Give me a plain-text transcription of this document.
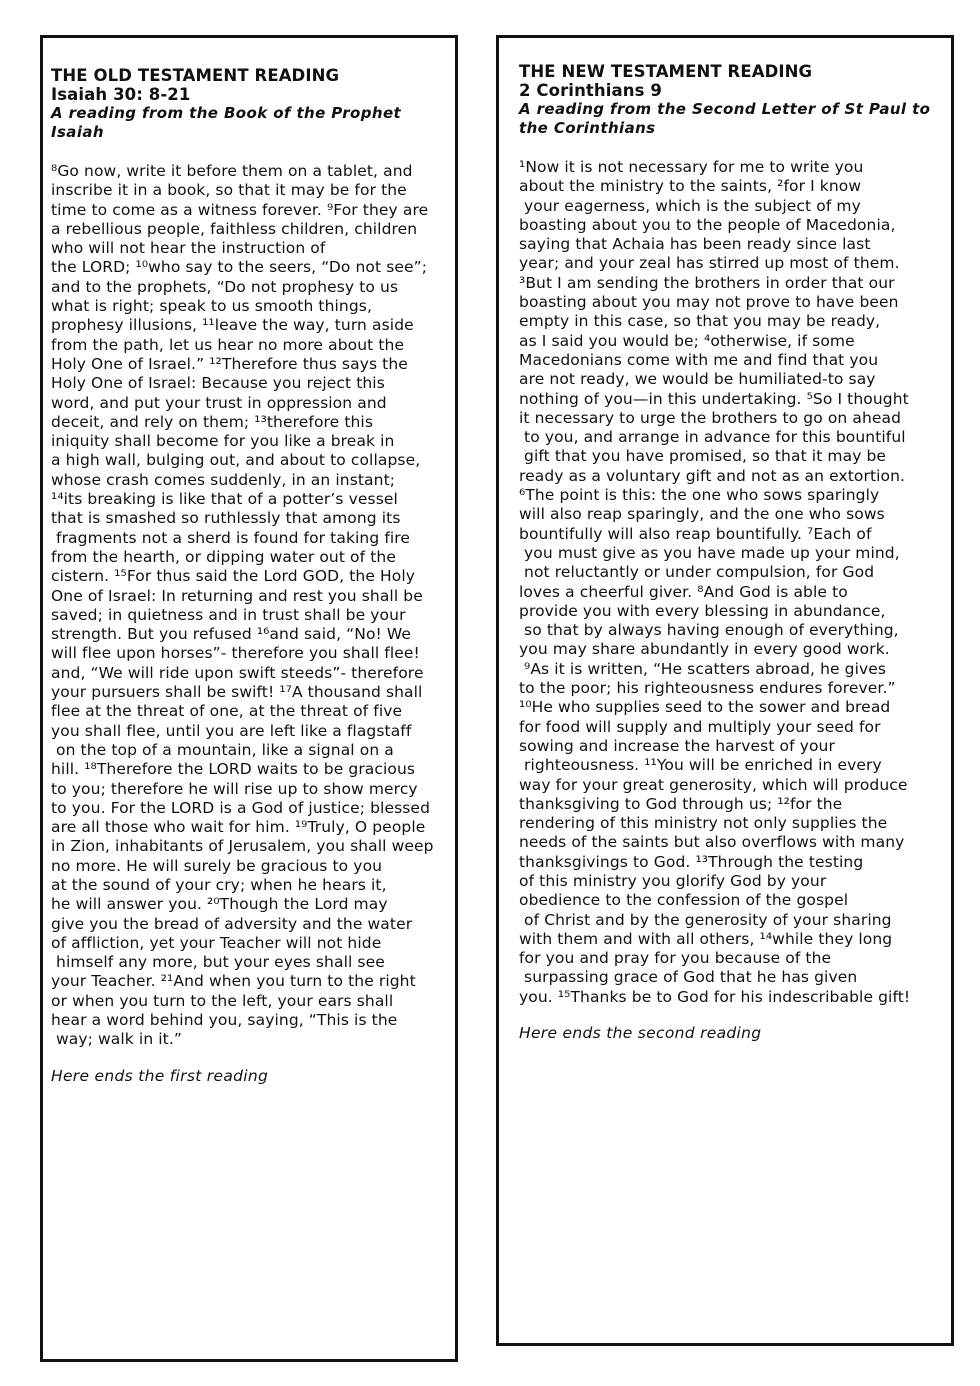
THE OLD TESTAMENT READING

Isaiah 30: 8-21

A reading from the Book of the Prophet Isaiah

⁸Go now, write it before them on a tablet, and
inscribe it in a book, so that it may be for the
time to come as a witness forever. ⁹For they are
a rebellious people, faithless children, children
who will not hear the instruction of
the LORD; ¹⁰who say to the seers, “Do not see”;
and to the prophets, “Do not prophesy to us
what is right; speak to us smooth things,
prophesy illusions, ¹¹leave the way, turn aside
from the path, let us hear no more about the
Holy One of Israel.” ¹²Therefore thus says the
Holy One of Israel: Because you reject this
word, and put your trust in oppression and
deceit, and rely on them; ¹³therefore this
iniquity shall become for you like a break in
a high wall, bulging out, and about to collapse,
whose crash comes suddenly, in an instant;
¹⁴its breaking is like that of a potter’s vessel
that is smashed so ruthlessly that among its
fragments not a sherd is found for taking fire
from the hearth, or dipping water out of the
cistern. ¹⁵For thus said the Lord GOD, the Holy
One of Israel: In returning and rest you shall be
saved; in quietness and in trust shall be your
strength. But you refused ¹⁶and said, “No! We
will flee upon horses”- therefore you shall flee!
and, “We will ride upon swift steeds”- therefore
your pursuers shall be swift! ¹⁷A thousand shall
flee at the threat of one, at the threat of five
you shall flee, until you are left like a flagstaff
on the top of a mountain, like a signal on a
hill. ¹⁸Therefore the LORD waits to be gracious
to you; therefore he will rise up to show mercy
to you. For the LORD is a God of justice; blessed
are all those who wait for him. ¹⁹Truly, O people
in Zion, inhabitants of Jerusalem, you shall weep
no more. He will surely be gracious to you
at the sound of your cry; when he hears it,
he will answer you. ²⁰Though the Lord may
give you the bread of adversity and the water
of affliction, yet your Teacher will not hide
himself any more, but your eyes shall see
your Teacher. ²¹And when you turn to the right
or when you turn to the left, your ears shall
hear a word behind you, saying, “This is the
way; walk in it.”

Here ends the first reading

THE NEW TESTAMENT READING

2 Corinthians 9

A reading from the Second Letter of St Paul to
the Corinthians

¹Now it is not necessary for me to write you
about the ministry to the saints, ²for I know
your eagerness, which is the subject of my
boasting about you to the people of Macedonia,
saying that Achaia has been ready since last
year; and your zeal has stirred up most of them.
³But I am sending the brothers in order that our
boasting about you may not prove to have been
empty in this case, so that you may be ready,
as I said you would be; ⁴otherwise, if some
Macedonians come with me and find that you
are not ready, we would be humiliated-to say
nothing of you—in this undertaking. ⁵So I thought
it necessary to urge the brothers to go on ahead
to you, and arrange in advance for this bountiful
gift that you have promised, so that it may be
ready as a voluntary gift and not as an extortion.
⁶The point is this: the one who sows sparingly
will also reap sparingly, and the one who sows
bountifully will also reap bountifully. ⁷Each of
you must give as you have made up your mind,
not reluctantly or under compulsion, for God
loves a cheerful giver. ⁸And God is able to
provide you with every blessing in abundance,
so that by always having enough of everything,
you may share abundantly in every good work.
⁹As it is written, “He scatters abroad, he gives
to the poor; his righteousness endures forever.”
¹⁰He who supplies seed to the sower and bread
for food will supply and multiply your seed for
sowing and increase the harvest of your
righteousness. ¹¹You will be enriched in every
way for your great generosity, which will produce
thanksgiving to God through us; ¹²for the
rendering of this ministry not only supplies the
needs of the saints but also overflows with many
thanksgivings to God. ¹³Through the testing
of this ministry you glorify God by your
obedience to the confession of the gospel
of Christ and by the generosity of your sharing
with them and with all others, ¹⁴while they long
for you and pray for you because of the
surpassing grace of God that he has given
you. ¹⁵Thanks be to God for his indescribable gift!

Here ends the second reading
